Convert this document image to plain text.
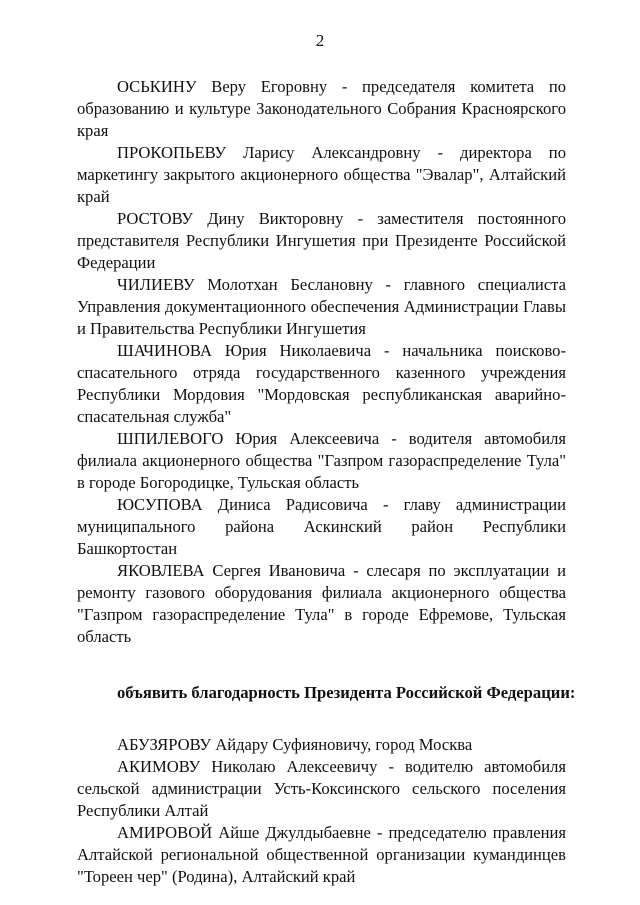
2

ОСЬКИНУ Веру Егоровну - председателя комитета по образованию и культуре Законодательного Собрания Красноярского края

ПРОКОПЬЕВУ Ларису Александровну - директора по маркетингу закрытого акционерного общества "Эвалар", Алтайский край

РОСТОВУ Дину Викторовну - заместителя постоянного представителя Республики Ингушетия при Президенте Российской Федерации

ЧИЛИЕВУ Молотхан Беслановну - главного специалиста Управления документационного обеспечения Администрации Главы и Правительства Республики Ингушетия

ШАЧИНОВА Юрия Николаевича - начальника поисково-спасательного отряда государственного казенного учреждения Республики Мордовия "Мордовская республиканская аварийно-спасательная служба"

ШПИЛЕВОГО Юрия Алексеевича - водителя автомобиля филиала акционерного общества "Газпром газораспределение Тула" в городе Богородицке, Тульская область

ЮСУПОВА Диниса Радисовича - главу администрации муниципального района Аскинский район Республики Башкортостан

ЯКОВЛЕВА Сергея Ивановича - слесаря по эксплуатации и ремонту газового оборудования филиала акционерного общества "Газпром газораспределение Тула" в городе Ефремове, Тульская область

объявить благодарность Президента Российской Федерации:

АБУЗЯРОВУ Айдару Суфияновичу, город Москва

АКИМОВУ Николаю Алексеевичу - водителю автомобиля сельской администрации Усть-Коксинского сельского поселения Республики Алтай

АМИРОВОЙ Айше Джулдыбаевне - председателю правления Алтайской региональной общественной организации кумандинцев "Тореен чер" (Родина), Алтайский край
